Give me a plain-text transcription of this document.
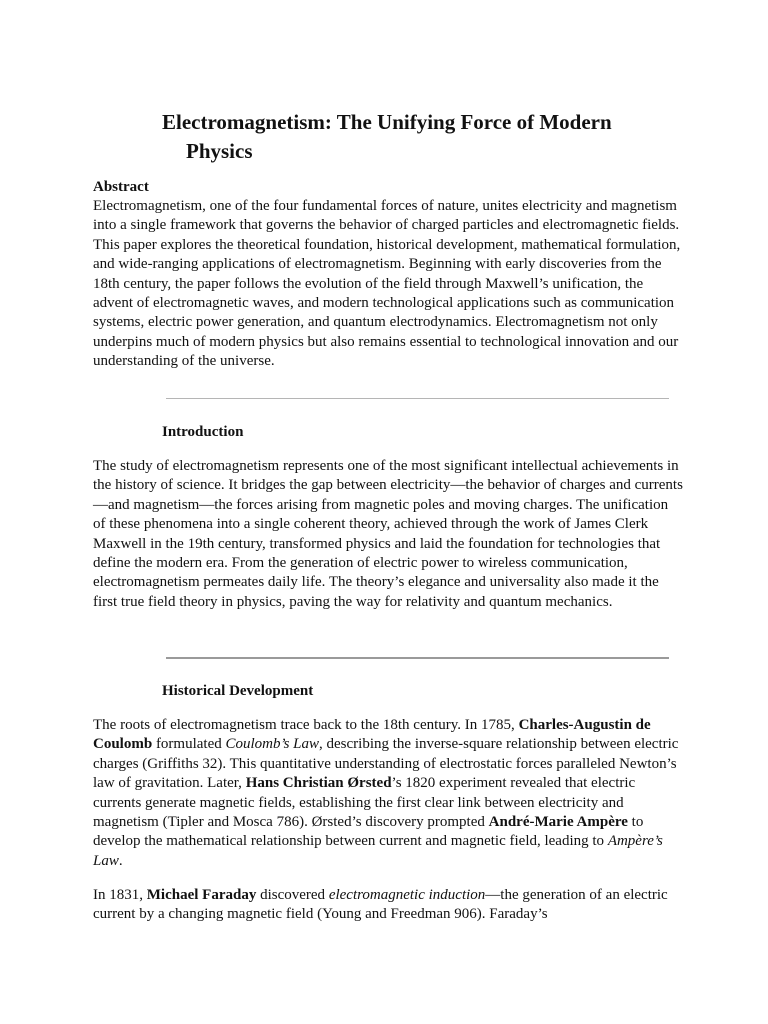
Electromagnetism: The Unifying Force of Modern
Physics
Abstract

Electromagnetism, one of the four fundamental forces of nature, unites electricity and magnetism into a single framework that governs the behavior of charged particles and electromagnetic fields. This paper explores the theoretical foundation, historical development, mathematical formulation, and wide-ranging applications of electromagnetism. Beginning with early discoveries from the 18th century, the paper follows the evolution of the field through Maxwell’s unification, the advent of electromagnetic waves, and modern technological applications such as communication systems, electric power generation, and quantum electrodynamics. Electromagnetism not only underpins much of modern physics but also remains essential to technological innovation and our understanding of the universe.

Introduction

The study of electromagnetism represents one of the most significant intellectual achievements in the history of science. It bridges the gap between electricity—the behavior of charges and currents—and magnetism—the forces arising from magnetic poles and moving charges. The unification of these phenomena into a single coherent theory, achieved through the work of James Clerk Maxwell in the 19th century, transformed physics and laid the foundation for technologies that define the modern era. From the generation of electric power to wireless communication, electromagnetism permeates daily life. The theory’s elegance and universality also made it the first true field theory in physics, paving the way for relativity and quantum mechanics.

Historical Development

The roots of electromagnetism trace back to the 18th century. In 1785, Charles-Augustin de Coulomb formulated Coulomb’s Law, describing the inverse-square relationship between electric charges (Griffiths 32). This quantitative understanding of electrostatic forces paralleled Newton’s law of gravitation. Later, Hans Christian Ørsted’s 1820 experiment revealed that electric currents generate magnetic fields, establishing the first clear link between electricity and magnetism (Tipler and Mosca 786). Ørsted’s discovery prompted André-Marie Ampère to develop the mathematical relationship between current and magnetic field, leading to Ampère’s Law.

In 1831, Michael Faraday discovered electromagnetic induction—the generation of an electric current by a changing magnetic field (Young and Freedman 906). Faraday’s
